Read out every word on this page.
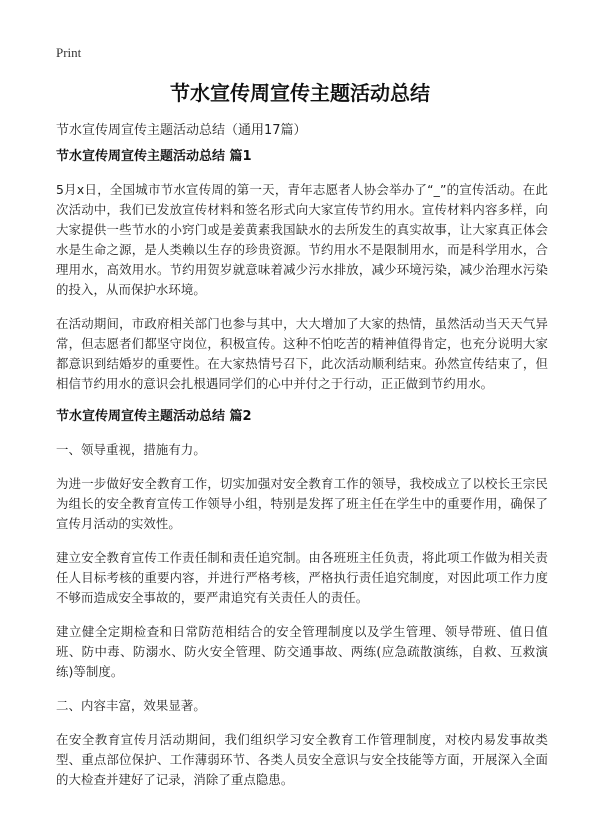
Print
节水宣传周宣传主题活动总结

节水宣传周宣传主题活动总结（通用17篇）

节水宣传周宣传主题活动总结 篇1

5月x日，全国城市节水宣传周的第一天，青年志愿者人协会举办了“_”的宣传活动。在此次活动中，我们已发放宣传材料和签名形式向大家宣传节约用水。宣传材料内容多样，向大家提供一些节水的小窍门或是姜黄素我国缺水的去所发生的真实故事，让大家真正体会水是生命之源，是人类赖以生存的珍贵资源。节约用水不是限制用水，而是科学用水，合理用水，高效用水。节约用贺岁就意味着减少污水排放，减少环境污染，减少治理水污染的投入，从而保护水环境。

在活动期间，市政府相关部门也参与其中，大大增加了大家的热情，虽然活动当天天气异常，但志愿者们都坚守岗位，积极宣传。这种不怕吃苦的精神值得肯定，也充分说明大家都意识到结婚岁的重要性。在大家热情号召下，此次活动顺利结束。孙然宣传结束了，但相信节约用水的意识会扎根遇同学们的心中并付之于行动，正正做到节约用水。

节水宣传周宣传主题活动总结 篇2

一、领导重视，措施有力。

为进一步做好安全教育工作，切实加强对安全教育工作的领导，我校成立了以校长王宗民为组长的安全教育宣传工作领导小组，特别是发挥了班主任在学生中的重要作用，确保了宣传月活动的实效性。

建立安全教育宣传工作责任制和责任追究制。由各班班主任负责，将此项工作做为相关责任人目标考核的重要内容，并进行严格考核，严格执行责任追究制度，对因此项工作力度不够而造成安全事故的，要严肃追究有关责任人的责任。

建立健全定期检查和日常防范相结合的安全管理制度以及学生管理、领导带班、值日值班、防中毒、防溺水、防火安全管理、防交通事故、两练(应急疏散演练，自救、互救演练)等制度。

二、内容丰富，效果显著。

在安全教育宣传月活动期间，我们组织学习安全教育工作管理制度，对校内易发事故类型、重点部位保护、工作薄弱环节、各类人员安全意识与安全技能等方面，开展深入全面的大检查并建好了记录，消除了重点隐患。
